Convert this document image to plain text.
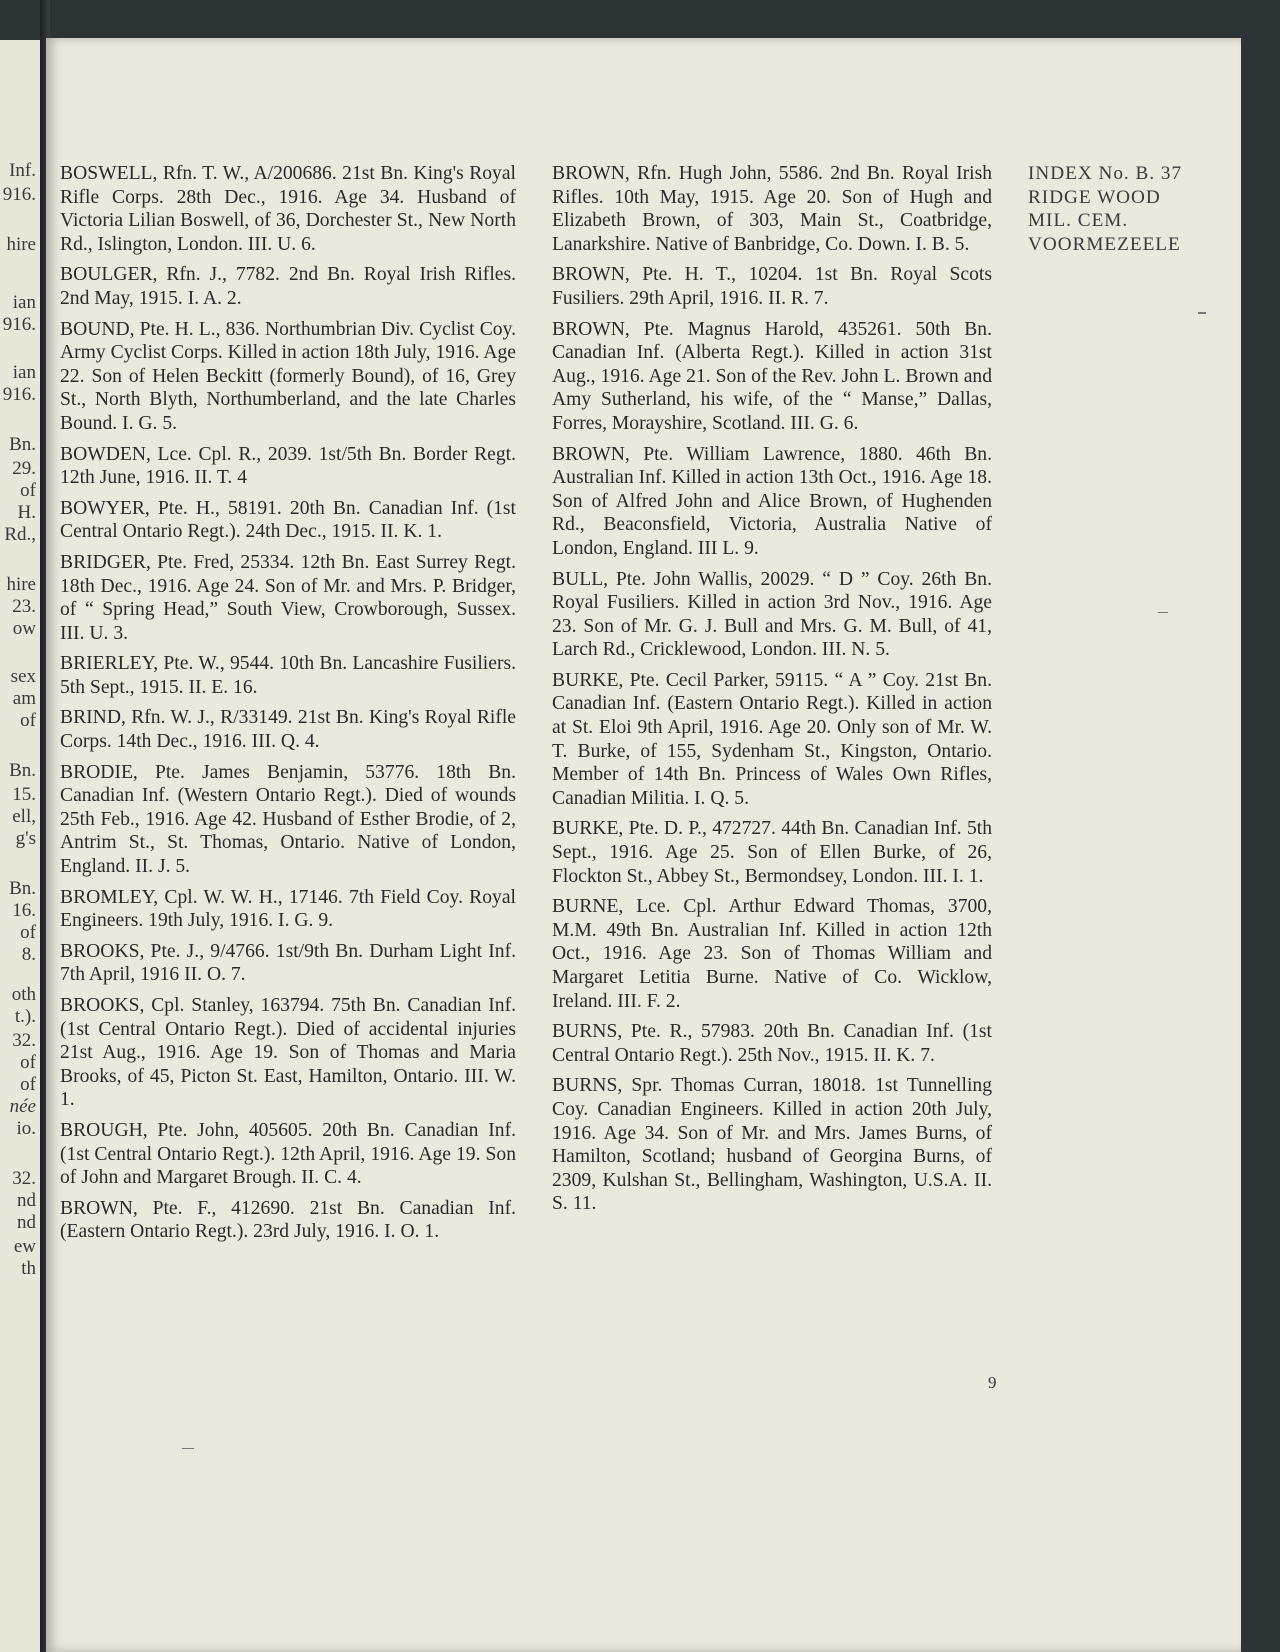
Inf.
916.
hire
ian
916.
ian
916.
Bn.
29.
of
H.
Rd.,
hire
23.
ow
sex
am
of
Bn.
15.
ell,
g's
Bn.
16.
of
8.
oth
t.).
32.
of
of
née
io.
32.
nd
nd
ew
th

BOSWELL, Rfn. T. W., A/200686. 21st Bn. King's Royal Rifle Corps. 28th Dec., 1916. Age 34. Husband of Victoria Lilian Boswell, of 36, Dorchester St., New North Rd., Islington, London. III. U. 6.

BOULGER, Rfn. J., 7782. 2nd Bn. Royal Irish Rifles. 2nd May, 1915. I. A. 2.

BOUND, Pte. H. L., 836. Northumbrian Div. Cyclist Coy. Army Cyclist Corps. Killed in action 18th July, 1916. Age 22. Son of Helen Beckitt (formerly Bound), of 16, Grey St., North Blyth, Northumberland, and the late Charles Bound. I. G. 5.

BOWDEN, Lce. Cpl. R., 2039. 1st/5th Bn. Border Regt. 12th June, 1916. II. T. 4

BOWYER, Pte. H., 58191. 20th Bn. Canadian Inf. (1st Central Ontario Regt.). 24th Dec., 1915. II. K. 1.

BRIDGER, Pte. Fred, 25334. 12th Bn. East Surrey Regt. 18th Dec., 1916. Age 24. Son of Mr. and Mrs. P. Bridger, of “ Spring Head,” South View, Crowborough, Sussex. III. U. 3.

BRIERLEY, Pte. W., 9544. 10th Bn. Lancashire Fusiliers. 5th Sept., 1915. II. E. 16.

BRIND, Rfn. W. J., R/33149. 21st Bn. King's Royal Rifle Corps. 14th Dec., 1916. III. Q. 4.

BRODIE, Pte. James Benjamin, 53776. 18th Bn. Canadian Inf. (Western Ontario Regt.). Died of wounds 25th Feb., 1916. Age 42. Husband of Esther Brodie, of 2, Antrim St., St. Thomas, Ontario. Native of London, England. II. J. 5.

BROMLEY, Cpl. W. W. H., 17146. 7th Field Coy. Royal Engineers. 19th July, 1916. I. G. 9.

BROOKS, Pte. J., 9/4766. 1st/9th Bn. Durham Light Inf. 7th April, 1916 II. O. 7.

BROOKS, Cpl. Stanley, 163794. 75th Bn. Canadian Inf. (1st Central Ontario Regt.). Died of accidental injuries 21st Aug., 1916. Age 19. Son of Thomas and Maria Brooks, of 45, Picton St. East, Hamilton, Ontario. III. W. 1.

BROUGH, Pte. John, 405605. 20th Bn. Canadian Inf. (1st Central Ontario Regt.). 12th April, 1916. Age 19. Son of John and Margaret Brough. II. C. 4.

BROWN, Pte. F., 412690. 21st Bn. Canadian Inf. (Eastern Ontario Regt.). 23rd July, 1916. I. O. 1.

BROWN, Rfn. Hugh John, 5586. 2nd Bn. Royal Irish Rifles. 10th May, 1915. Age 20. Son of Hugh and Elizabeth Brown, of 303, Main St., Coatbridge, Lanarkshire. Native of Banbridge, Co. Down. I. B. 5.

BROWN, Pte. H. T., 10204. 1st Bn. Royal Scots Fusiliers. 29th April, 1916. II. R. 7.

BROWN, Pte. Magnus Harold, 435261. 50th Bn. Canadian Inf. (Alberta Regt.). Killed in action 31st Aug., 1916. Age 21. Son of the Rev. John L. Brown and Amy Sutherland, his wife, of the “ Manse,” Dallas, Forres, Morayshire, Scotland. III. G. 6.

BROWN, Pte. William Lawrence, 1880. 46th Bn. Australian Inf. Killed in action 13th Oct., 1916. Age 18. Son of Alfred John and Alice Brown, of Hughenden Rd., Beaconsfield, Victoria, Australia Native of London, England. III L. 9.

BULL, Pte. John Wallis, 20029. “ D ” Coy. 26th Bn. Royal Fusiliers. Killed in action 3rd Nov., 1916. Age 23. Son of Mr. G. J. Bull and Mrs. G. M. Bull, of 41, Larch Rd., Cricklewood, London. III. N. 5.

BURKE, Pte. Cecil Parker, 59115. “ A ” Coy. 21st Bn. Canadian Inf. (Eastern Ontario Regt.). Killed in action at St. Eloi 9th April, 1916. Age 20. Only son of Mr. W. T. Burke, of 155, Sydenham St., Kingston, Ontario. Member of 14th Bn. Princess of Wales Own Rifles, Canadian Militia. I. Q. 5.

BURKE, Pte. D. P., 472727. 44th Bn. Canadian Inf. 5th Sept., 1916. Age 25. Son of Ellen Burke, of 26, Flockton St., Abbey St., Bermondsey, London. III. I. 1.

BURNE, Lce. Cpl. Arthur Edward Thomas, 3700, M.M. 49th Bn. Australian Inf. Killed in action 12th Oct., 1916. Age 23. Son of Thomas William and Margaret Letitia Burne. Native of Co. Wicklow, Ireland. III. F. 2.

BURNS, Pte. R., 57983. 20th Bn. Canadian Inf. (1st Central Ontario Regt.). 25th Nov., 1915. II. K. 7.

BURNS, Spr. Thomas Curran, 18018. 1st Tunnelling Coy. Canadian Engineers. Killed in action 20th July, 1916. Age 34. Son of Mr. and Mrs. James Burns, of Hamilton, Scotland; husband of Georgina Burns, of 2309, Kulshan St., Bellingham, Washington, U.S.A. II. S. 11.

INDEX No. B. 37
RIDGE WOOD
MIL. CEM.
VOORMEZEELE
9
